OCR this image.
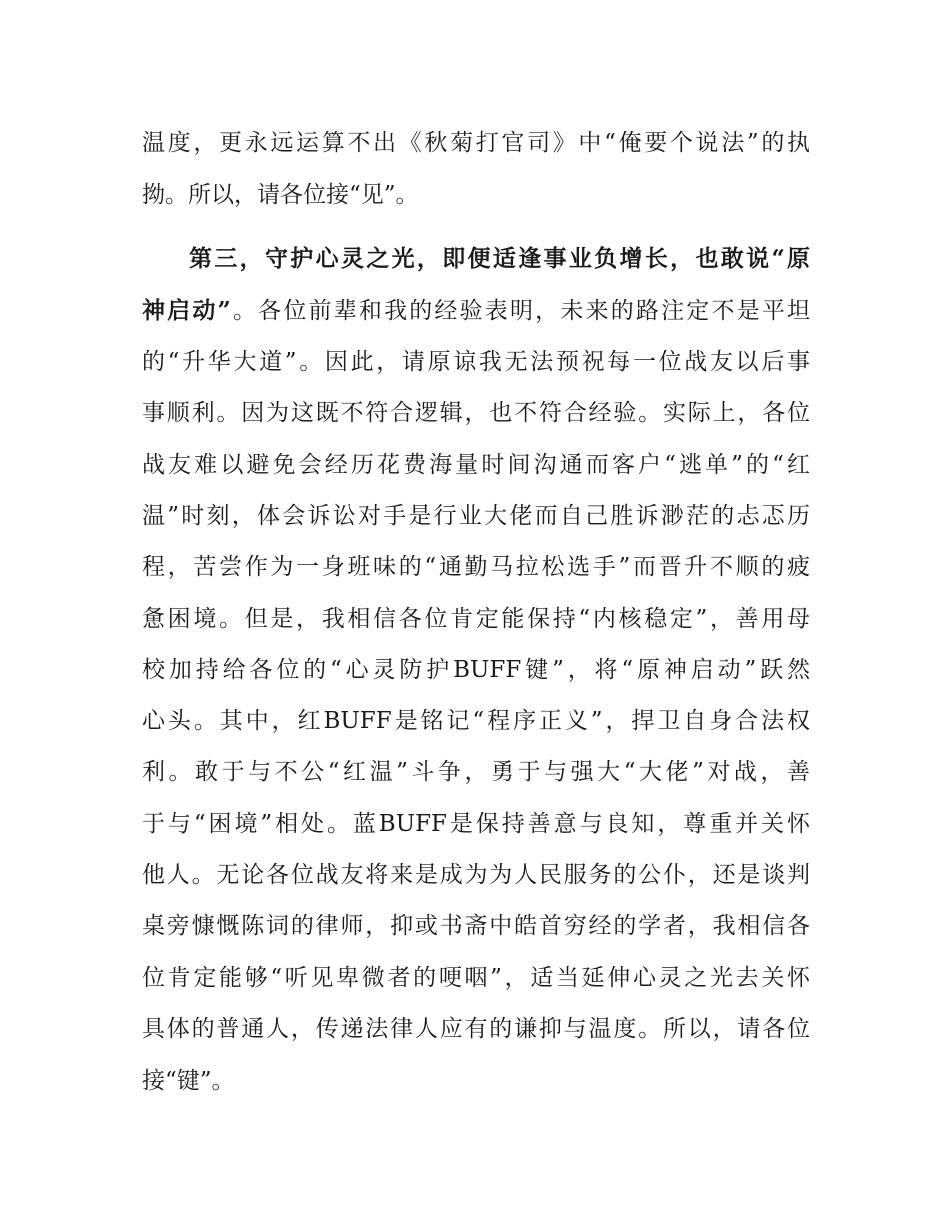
温度，更永远运算不出《秋菊打官司》中“俺要个说法”的执
拗。所以，请各位接“见”。
第三，守护心灵之光，即便适逢事业负增长，也敢说“原
神启动”。各位前辈和我的经验表明，未来的路注定不是平坦
的“升华大道”。因此，请原谅我无法预祝每一位战友以后事
事顺利。因为这既不符合逻辑，也不符合经验。实际上，各位
战友难以避免会经历花费海量时间沟通而客户“逃单”的“红
温”时刻，体会诉讼对手是行业大佬而自己胜诉渺茫的忐忑历
程，苦尝作为一身班味的“通勤马拉松选手”而晋升不顺的疲
惫困境。但是，我相信各位肯定能保持“内核稳定”，善用母
校加持给各位的“心灵防护BUFF键”，将“原神启动”跃然
心头。其中，红BUFF是铭记“程序正义”，捍卫自身合法权
利。敢于与不公“红温”斗争，勇于与强大“大佬”对战，善
于与“困境”相处。蓝BUFF是保持善意与良知，尊重并关怀
他人。无论各位战友将来是成为为人民服务的公仆，还是谈判
桌旁慷慨陈词的律师，抑或书斋中皓首穷经的学者，我相信各
位肯定能够“听见卑微者的哽咽”，适当延伸心灵之光去关怀
具体的普通人，传递法律人应有的谦抑与温度。所以，请各位
接“键”。
